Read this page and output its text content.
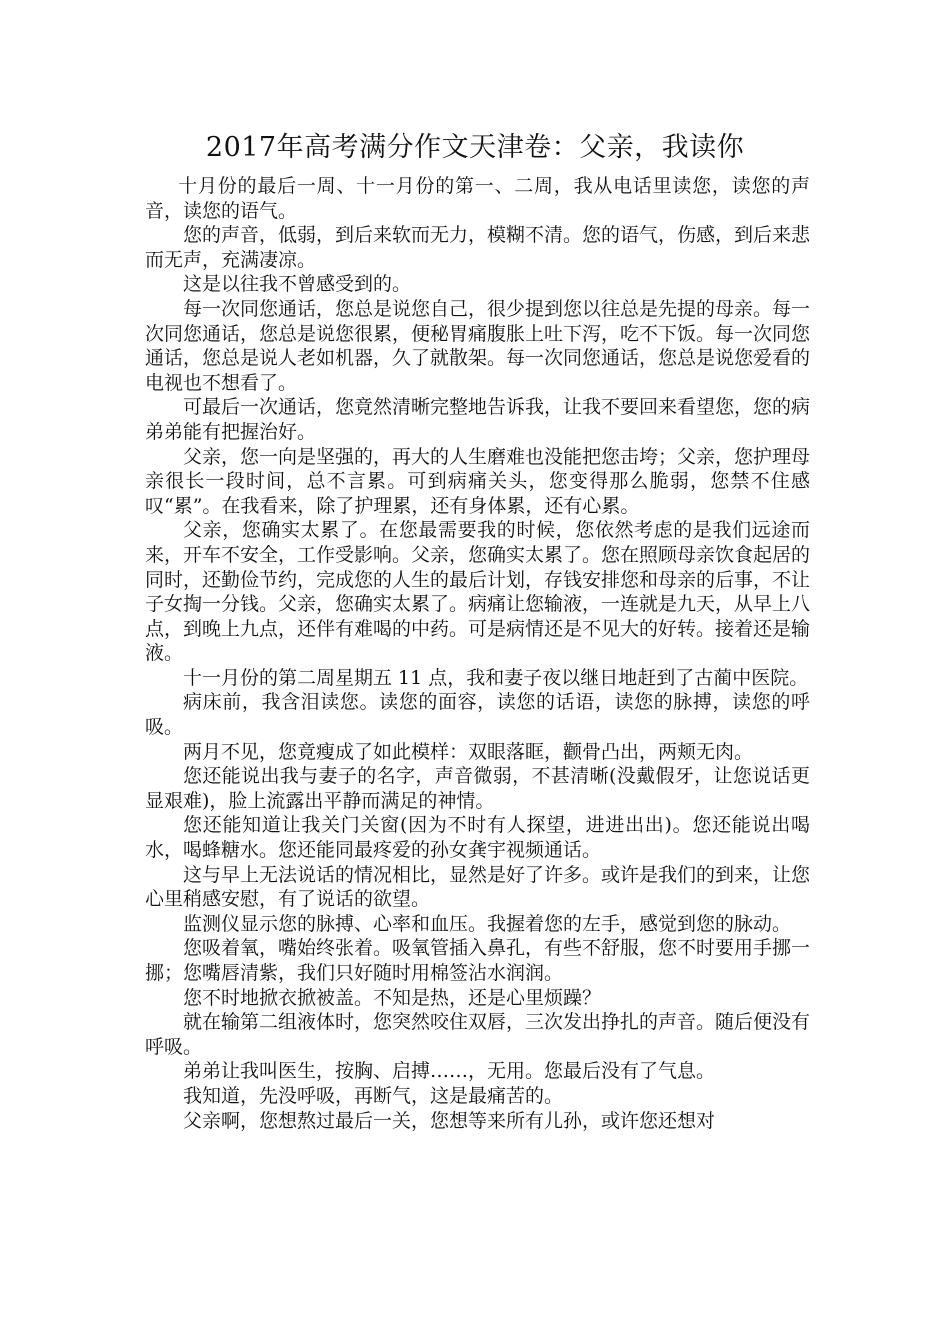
2017年高考满分作文天津卷：父亲，我读你

十月份的最后一周、十一月份的第一、二周，我从电话里读您，读您的声音，读您的语气。

您的声音，低弱，到后来软而无力，模糊不清。您的语气，伤感，到后来悲而无声，充满凄凉。

这是以往我不曾感受到的。

每一次同您通话，您总是说您自己，很少提到您以往总是先提的母亲。每一次同您通话，您总是说您很累，便秘胃痛腹胀上吐下泻，吃不下饭。每一次同您通话，您总是说人老如机器，久了就散架。每一次同您通话，您总是说您爱看的电视也不想看了。

可最后一次通话，您竟然清晰完整地告诉我，让我不要回来看望您，您的病弟弟能有把握治好。

父亲，您一向是坚强的，再大的人生磨难也没能把您击垮；父亲，您护理母亲很长一段时间，总不言累。可到病痛关头，您变得那么脆弱，您禁不住感叹“累”。在我看来，除了护理累，还有身体累，还有心累。

父亲，您确实太累了。在您最需要我的时候，您依然考虑的是我们远途而来，开车不安全，工作受影响。父亲，您确实太累了。您在照顾母亲饮食起居的同时，还勤俭节约，完成您的人生的最后计划，存钱安排您和母亲的后事，不让子女掏一分钱。父亲，您确实太累了。病痛让您输液，一连就是九天，从早上八点，到晚上九点，还伴有难喝的中药。可是病情还是不见大的好转。接着还是输液。

十一月份的第二周星期五 11 点，我和妻子夜以继日地赶到了古蔺中医院。

病床前，我含泪读您。读您的面容，读您的话语，读您的脉搏，读您的呼吸。

两月不见，您竟瘦成了如此模样：双眼落眶，颧骨凸出，两颊无肉。

您还能说出我与妻子的名字，声音微弱，不甚清晰(没戴假牙，让您说话更显艰难)，脸上流露出平静而满足的神情。

您还能知道让我关门关窗(因为不时有人探望，进进出出)。您还能说出喝水，喝蜂糖水。您还能同最疼爱的孙女龚宇视频通话。

这与早上无法说话的情况相比，显然是好了许多。或许是我们的到来，让您心里稍感安慰，有了说话的欲望。

监测仪显示您的脉搏、心率和血压。我握着您的左手，感觉到您的脉动。

您吸着氧，嘴始终张着。吸氧管插入鼻孔，有些不舒服，您不时要用手挪一挪；您嘴唇清紫，我们只好随时用棉签沾水润润。

您不时地掀衣掀被盖。不知是热，还是心里烦躁？

就在输第二组液体时，您突然咬住双唇，三次发出挣扎的声音。随后便没有呼吸。

弟弟让我叫医生，按胸、启搏……，无用。您最后没有了气息。

我知道，先没呼吸，再断气，这是最痛苦的。

父亲啊，您想熬过最后一关，您想等来所有儿孙，或许您还想对
